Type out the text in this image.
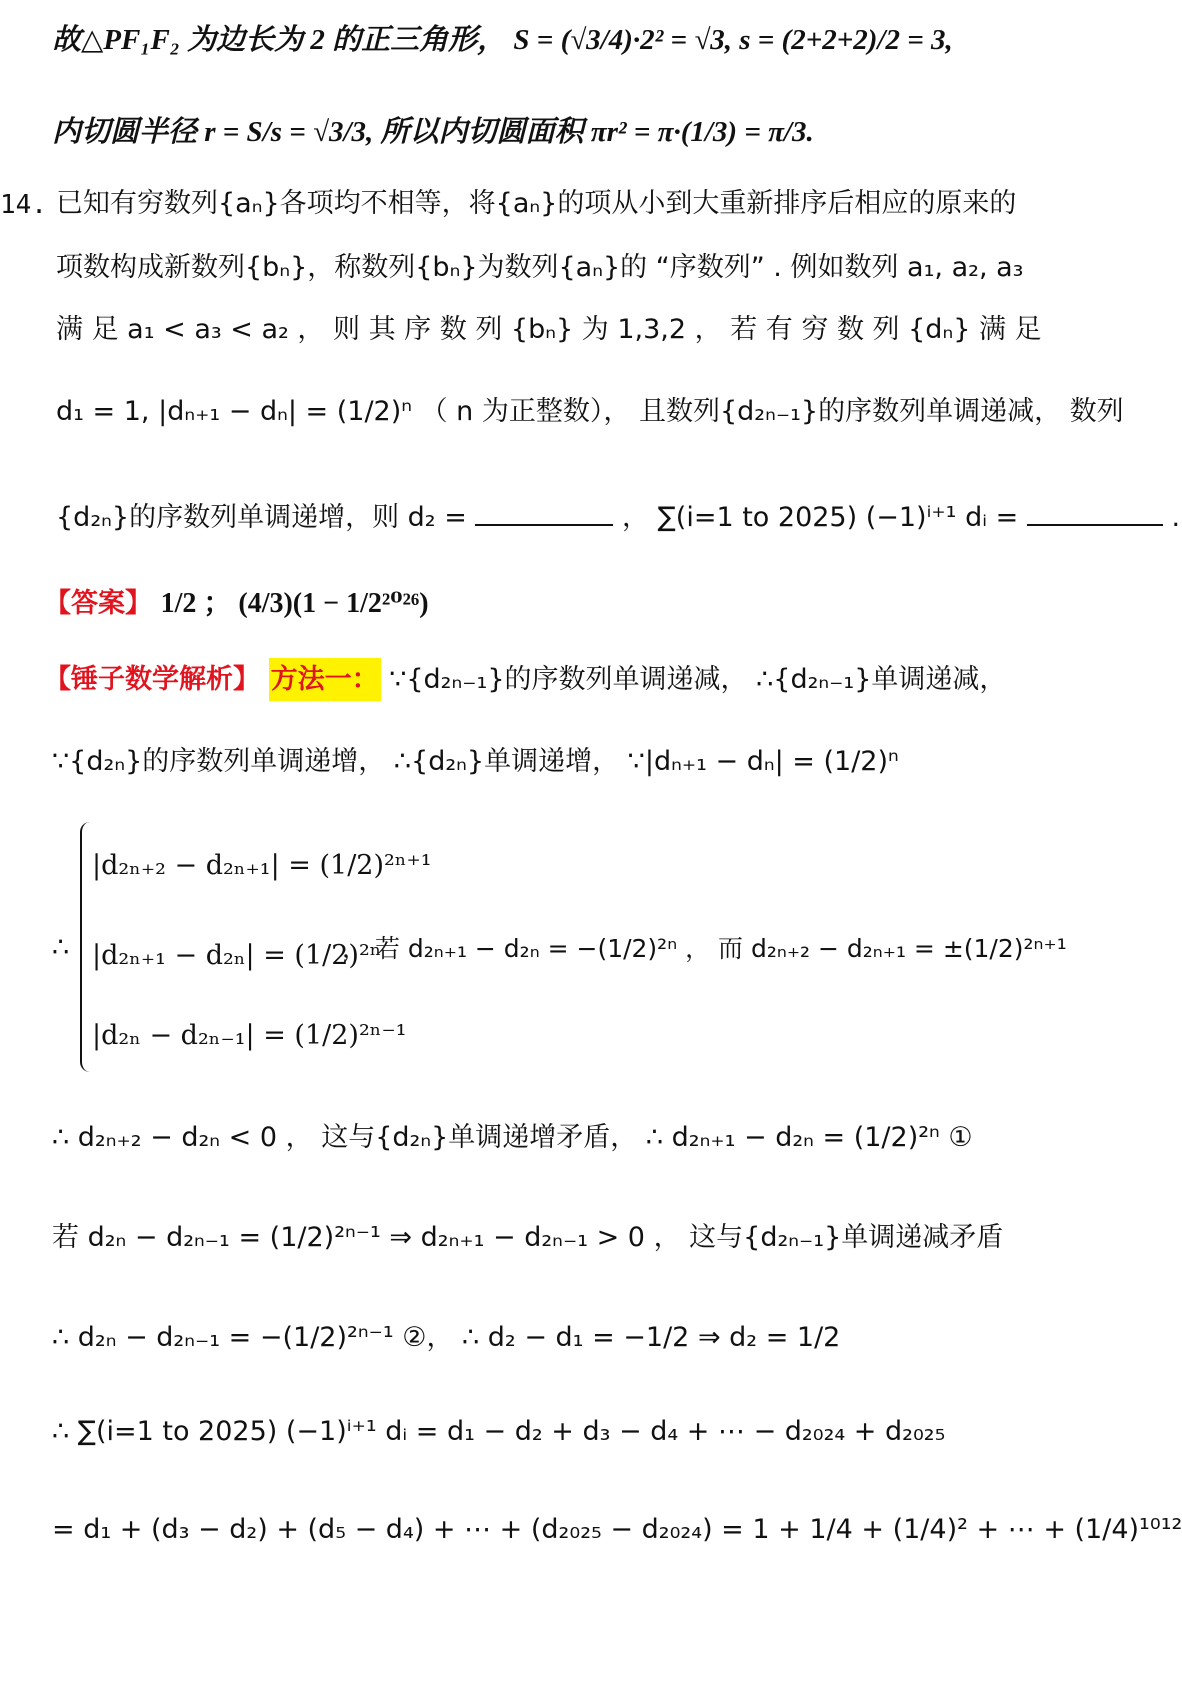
故△PF₁F₂ 为边长为 2 的正三角形， S = (√3/4)·2² = √3, s = (2+2+2)/2 = 3,
内切圆半径 r = S/s = √3/3, 所以内切圆面积 πr² = π·(1/3) = π/3.
14. 已知有穷数列{aₙ}各项均不相等，将{aₙ}的项从小到大重新排序后相应的原来的
项数构成新数列{bₙ}，称数列{bₙ}为数列{aₙ}的 “序数列” . 例如数列 a₁, a₂, a₃
满 足 a₁ < a₃ < a₂ ， 则 其 序 数 列 {bₙ} 为 1,3,2 ， 若 有 穷 数 列 {dₙ} 满 足
d₁ = 1, |dₙ₊₁ − dₙ| = (1/2)ⁿ （ n 为正整数）， 且数列{d₂ₙ₋₁}的序数列单调递减， 数列
{d₂ₙ}的序数列单调递增，则 d₂ =	， ∑(i=1 to 2025) (−1)ⁱ⁺¹ dᵢ =	.
【答案】 1/2 ； (4/3)(1 − 1/2²⁰²⁶)
【锤子数学解析】 方法一： ∵{d₂ₙ₋₁}的序数列单调递减， ∴{d₂ₙ₋₁}单调递减，
∵{d₂ₙ}的序数列单调递增， ∴{d₂ₙ}单调递增， ∵|dₙ₊₁ − dₙ| = (1/2)ⁿ
∴
|d₂ₙ₊₂ − d₂ₙ₊₁| = (1/2)²ⁿ⁺¹
|d₂ₙ₊₁ − d₂ₙ| = (1/2)²ⁿ
|d₂ₙ − d₂ₙ₋₁| = (1/2)²ⁿ⁻¹
， 若 d₂ₙ₊₁ − d₂ₙ = −(1/2)²ⁿ ， 而 d₂ₙ₊₂ − d₂ₙ₊₁ = ±(1/2)²ⁿ⁺¹
∴ d₂ₙ₊₂ − d₂ₙ < 0 ， 这与{d₂ₙ}单调递增矛盾， ∴ d₂ₙ₊₁ − d₂ₙ = (1/2)²ⁿ ①
若 d₂ₙ − d₂ₙ₋₁ = (1/2)²ⁿ⁻¹ ⇒ d₂ₙ₊₁ − d₂ₙ₋₁ > 0 ， 这与{d₂ₙ₋₁}单调递减矛盾
∴ d₂ₙ − d₂ₙ₋₁ = −(1/2)²ⁿ⁻¹ ②， ∴ d₂ − d₁ = −1/2 ⇒ d₂ = 1/2
∴ ∑(i=1 to 2025) (−1)ⁱ⁺¹ dᵢ = d₁ − d₂ + d₃ − d₄ + ⋯ − d₂₀₂₄ + d₂₀₂₅
= d₁ + (d₃ − d₂) + (d₅ − d₄) + ⋯ + (d₂₀₂₅ − d₂₀₂₄) = 1 + 1/4 + (1/4)² + ⋯ + (1/4)¹⁰¹²
